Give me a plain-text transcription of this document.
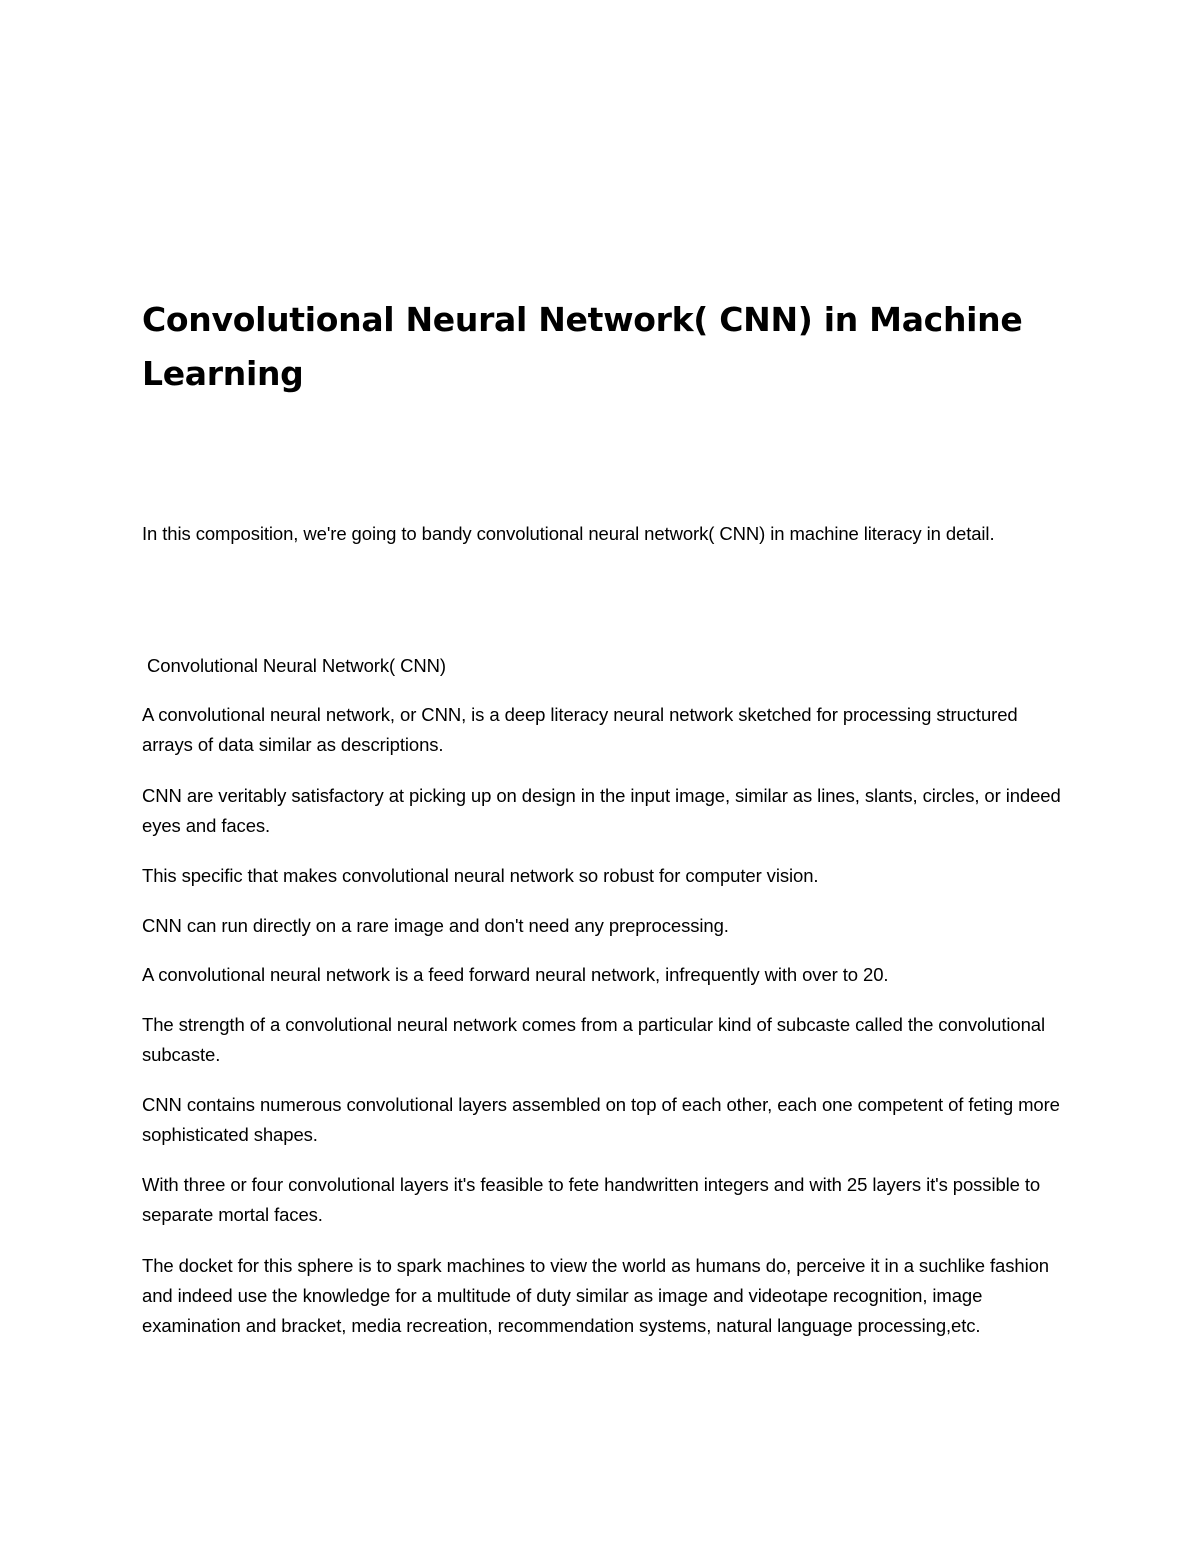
Convolutional Neural Network( CNN) in Machine Learning

In this composition, we're going to bandy convolutional neural network( CNN) in machine literacy in detail.

Convolutional Neural Network( CNN)

A convolutional neural network, or CNN, is a deep literacy neural network sketched for processing structured arrays of data similar as descriptions.

CNN are veritably satisfactory at picking up on design in the input image, similar as lines, slants, circles, or indeed eyes and faces.

This specific that makes convolutional neural network so robust for computer vision.

CNN can run directly on a rare image and don't need any preprocessing.

A convolutional neural network is a feed forward neural network, infrequently with over to 20.

The strength of a convolutional neural network comes from a particular kind of subcaste called the convolutional subcaste.

CNN contains numerous convolutional layers assembled on top of each other, each one competent of feting more sophisticated shapes.

With three or four convolutional layers it's feasible to fete handwritten integers and with 25 layers it's possible to separate mortal faces.

The docket for this sphere is to spark machines to view the world as humans do, perceive it in a suchlike fashion and indeed use the knowledge for a multitude of duty similar as image and videotape recognition, image examination and bracket, media recreation, recommendation systems, natural language processing,etc.
